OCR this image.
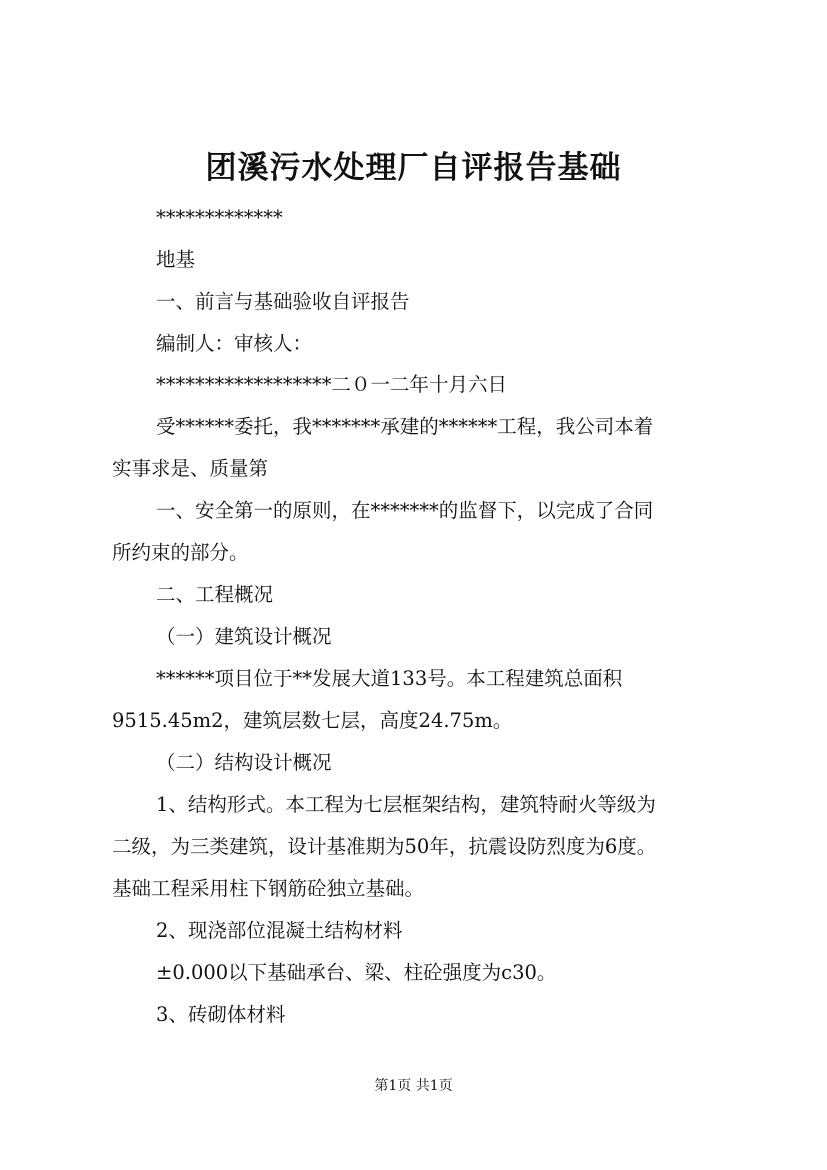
团溪污水处理厂自评报告基础
*************
地基
一、前言与基础验收自评报告
编制人：审核人：
******************二０一二年十月六日
受******委托，我*******承建的******工程，我公司本着
实事求是、质量第
一、安全第一的原则，在*******的监督下，以完成了合同
所约束的部分。
二、工程概况
（一）建筑设计概况
******项目位于**发展大道133号。本工程建筑总面积
9515.45m2，建筑层数七层，高度24.75m。
（二）结构设计概况
1、结构形式。本工程为七层框架结构，建筑特耐火等级为
二级，为三类建筑，设计基准期为50年，抗震设防烈度为6度。
基础工程采用柱下钢筋砼独立基础。
2、现浇部位混凝土结构材料
±0.000以下基础承台、梁、柱砼强度为c30。
3、砖砌体材料
第1页 共1页
